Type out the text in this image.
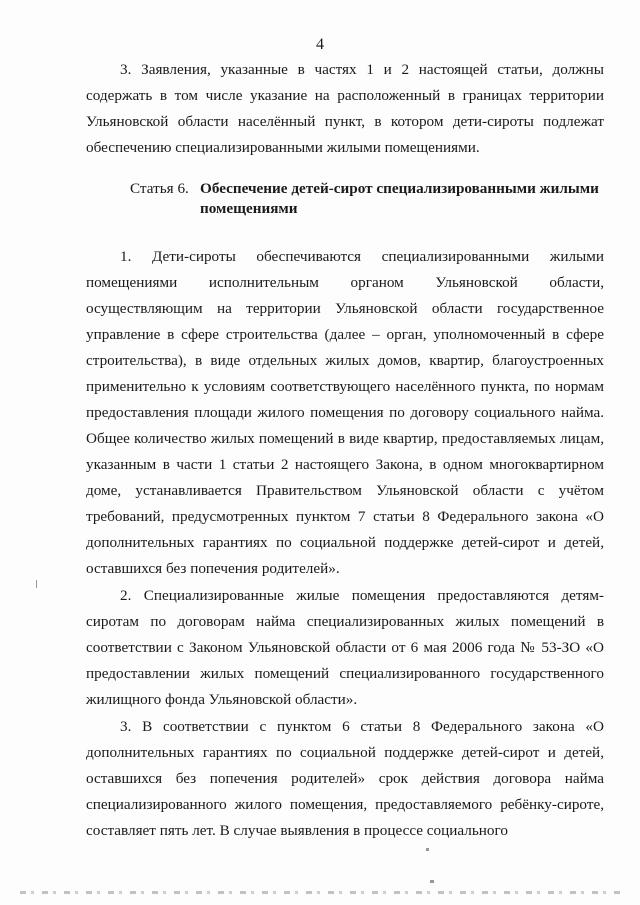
4

3. Заявления, указанные в частях 1 и 2 настоящей статьи, должны содержать в том числе указание на расположенный в границах территории Ульяновской области населённый пункт, в котором дети-сироты подлежат обеспечению специализированными жилыми помещениями.

Статья 6. Обеспечение детей-сирот специализированными жилыми помещениями

1. Дети-сироты обеспечиваются специализированными жилыми помещениями исполнительным органом Ульяновской области, осуществляющим на территории Ульяновской области государственное управление в сфере строительства (далее – орган, уполномоченный в сфере строительства), в виде отдельных жилых домов, квартир, благоустроенных применительно к условиям соответствующего населённого пункта, по нормам предоставления площади жилого помещения по договору социального найма. Общее количество жилых помещений в виде квартир, предоставляемых лицам, указанным в части 1 статьи 2 настоящего Закона, в одном многоквартирном доме, устанавливается Правительством Ульяновской области с учётом требований, предусмотренных пунктом 7 статьи 8 Федерального закона «О дополнительных гарантиях по социальной поддержке детей-сирот и детей, оставшихся без попечения родителей».

2. Специализированные жилые помещения предоставляются детям-сиротам по договорам найма специализированных жилых помещений в соответствии с Законом Ульяновской области от 6 мая 2006 года № 53-ЗО «О предоставлении жилых помещений специализированного государственного жилищного фонда Ульяновской области».

3. В соответствии с пунктом 6 статьи 8 Федерального закона «О дополнительных гарантиях по социальной поддержке детей-сирот и детей, оставшихся без попечения родителей» срок действия договора найма специализированного жилого помещения, предоставляемого ребёнку-сироте, составляет пять лет. В случае выявления в процессе социального
